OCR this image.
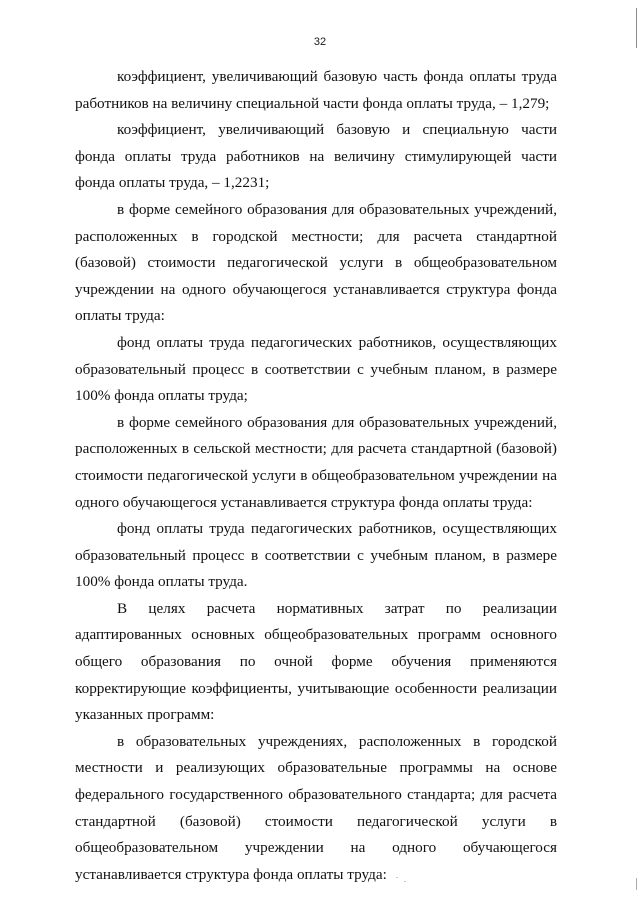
32

коэффициент, увеличивающий базовую часть фонда оплаты труда работников на величину специальной части фонда оплаты труда, – 1,279;

коэффициент, увеличивающий базовую и специальную части фонда оплаты труда работников на величину стимулирующей части фонда оплаты труда, – 1,2231;

в форме семейного образования для образовательных учреждений, расположенных в городской местности; для расчета стандартной (базовой) стоимости педагогической услуги в общеобразовательном учреждении на одного обучающегося устанавливается структура фонда оплаты труда:

фонд оплаты труда педагогических работников, осуществляющих образовательный процесс в соответствии с учебным планом, в размере 100% фонда оплаты труда;

в форме семейного образования для образовательных учреждений, расположенных в сельской местности; для расчета стандартной (базовой) стоимости педагогической услуги в общеобразовательном учреждении на одного обучающегося устанавливается структура фонда оплаты труда:

фонд оплаты труда педагогических работников, осуществляющих образовательный процесс в соответствии с учебным планом, в размере 100% фонда оплаты труда.

В целях расчета нормативных затрат по реализации адаптированных основных общеобразовательных программ основного общего образования по очной форме обучения применяются корректирующие коэффициенты, учитывающие особенности реализации указанных программ:

в образовательных учреждениях, расположенных в городской местности и реализующих образовательные программы на основе федерального государственного образовательного стандарта; для расчета стандартной (базовой) стоимости педагогической услуги в общеобразовательном учреждении на одного обучающегося устанавливается структура фонда оплаты труда:
